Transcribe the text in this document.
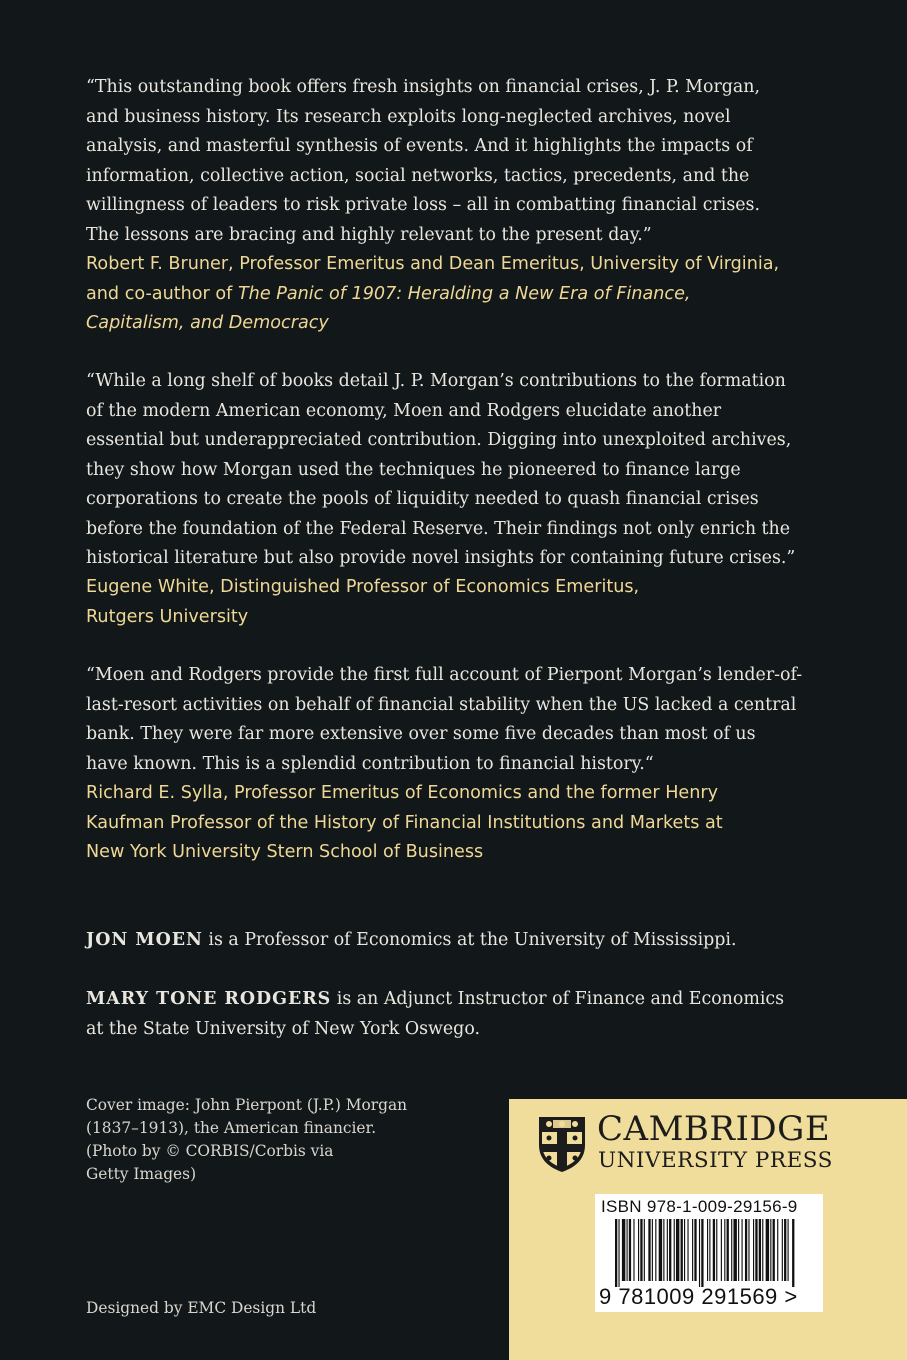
“This outstanding book offers fresh insights on financial crises, J. P. Morgan,
and business history. Its research exploits long-neglected archives, novel
analysis, and masterful synthesis of events. And it highlights the impacts of
information, collective action, social networks, tactics, precedents, and the
willingness of leaders to risk private loss – all in combatting financial crises.
The lessons are bracing and highly relevant to the present day.”
Robert F. Bruner, Professor Emeritus and Dean Emeritus, University of Virginia,
and co-author of The Panic of 1907: Heralding a New Era of Finance,
Capitalism, and Democracy
“While a long shelf of books detail J. P. Morgan’s contributions to the formation
of the modern American economy, Moen and Rodgers elucidate another
essential but underappreciated contribution. Digging into unexploited archives,
they show how Morgan used the techniques he pioneered to finance large
corporations to create the pools of liquidity needed to quash financial crises
before the foundation of the Federal Reserve. Their findings not only enrich the
historical literature but also provide novel insights for containing future crises.”
Eugene White, Distinguished Professor of Economics Emeritus,
Rutgers University
“Moen and Rodgers provide the first full account of Pierpont Morgan’s lender-of-
last-resort activities on behalf of financial stability when the US lacked a central
bank. They were far more extensive over some five decades than most of us
have known. This is a splendid contribution to financial history.“
Richard E. Sylla, Professor Emeritus of Economics and the former Henry
Kaufman Professor of the History of Financial Institutions and Markets at
New York University Stern School of Business
JON MOEN is a Professor of Economics at the University of Mississippi.
MARY TONE RODGERS is an Adjunct Instructor of Finance and Economics
at the State University of New York Oswego.
Cover image: John Pierpont (J.P.) Morgan
(1837–1913), the American financier.
(Photo by © CORBIS/Corbis via
Getty Images)
Designed by EMC Design Ltd
CAMBRIDGE
UNIVERSITY PRESS
ISBN 978-1-009-29156-9
9 781009 291569 >
